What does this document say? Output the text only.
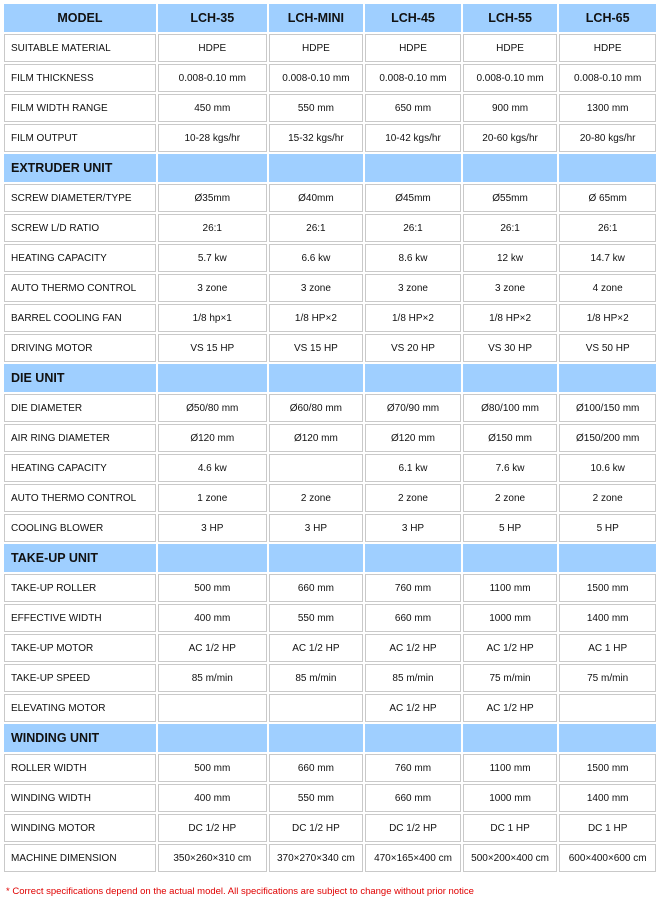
MODEL	LCH-35	LCH-MINI	LCH-45	LCH-55	LCH-65
SUITABLE MATERIAL	HDPE	HDPE	HDPE	HDPE	HDPE
FILM THICKNESS	0.008-0.10 mm	0.008-0.10 mm	0.008-0.10 mm	0.008-0.10 mm	0.008-0.10 mm
FILM WIDTH RANGE	450 mm	550 mm	650 mm	900 mm	1300 mm
FILM OUTPUT	10-28 kgs/hr	15-32 kgs/hr	10-42 kgs/hr	20-60 kgs/hr	20-80 kgs/hr
EXTRUDER UNIT					
SCREW DIAMETER/TYPE	Ø35mm	Ø40mm	Ø45mm	Ø55mm	Ø 65mm
SCREW L/D RATIO	26:1	26:1	26:1	26:1	26:1
HEATING CAPACITY	5.7 kw	6.6 kw	8.6 kw	12 kw	14.7 kw
AUTO THERMO CONTROL	3 zone	3 zone	3 zone	3 zone	4 zone
BARREL COOLING FAN	1/8 hp×1	1/8 HP×2	1/8 HP×2	1/8 HP×2	1/8 HP×2
DRIVING MOTOR	VS 15 HP	VS 15 HP	VS 20 HP	VS 30 HP	VS 50 HP
DIE UNIT					
DIE DIAMETER	Ø50/80 mm	Ø60/80 mm	Ø70/90 mm	Ø80/100 mm	Ø100/150 mm
AIR RING DIAMETER	Ø120 mm	Ø120 mm	Ø120 mm	Ø150 mm	Ø150/200 mm
HEATING CAPACITY	4.6 kw		6.1 kw	7.6 kw	10.6 kw
AUTO THERMO CONTROL	1 zone	2 zone	2 zone	2 zone	2 zone
COOLING BLOWER	3 HP	3 HP	3 HP	5 HP	5 HP
TAKE-UP UNIT					
TAKE-UP ROLLER	500 mm	660 mm	760 mm	1100 mm	1500 mm
EFFECTIVE WIDTH	400 mm	550 mm	660 mm	1000 mm	1400 mm
TAKE-UP MOTOR	AC 1/2 HP	AC 1/2 HP	AC 1/2 HP	AC 1/2 HP	AC 1 HP
TAKE-UP SPEED	85 m/min	85 m/min	85 m/min	75 m/min	75 m/min
ELEVATING MOTOR			AC 1/2 HP	AC 1/2 HP	
WINDING UNIT					
ROLLER WIDTH	500 mm	660 mm	760 mm	1100 mm	1500 mm
WINDING WIDTH	400 mm	550 mm	660 mm	1000 mm	1400 mm
WINDING MOTOR	DC 1/2 HP	DC 1/2 HP	DC 1/2 HP	DC 1 HP	DC 1 HP
MACHINE DIMENSION	350×260×310 cm	370×270×340 cm	470×165×400 cm	500×200×400 cm	600×400×600 cm
* Correct specifications depend on the actual model. All specifications are subject to change without prior notice
